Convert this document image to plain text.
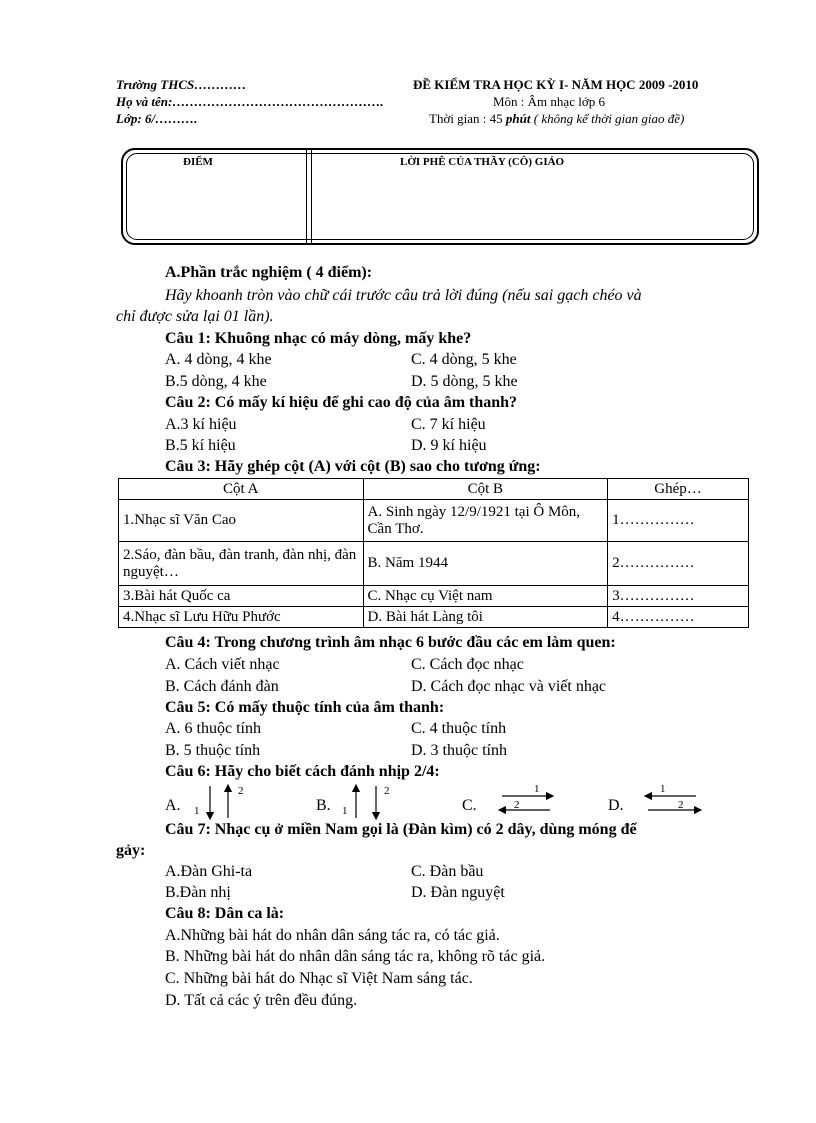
Trường THCS…………
Họ và tên:………………………………………….
Lớp: 6/……….
ĐỀ KIỂM TRA HỌC KỲ I- NĂM HỌC 2009 -2010
Môn : Âm nhạc lớp 6
Thời gian : 45 phút ( không kể thời gian giao đề)
ĐIỂM	LỜI PHÊ CỦA THẦY (CÔ) GIÁO
A.Phần trắc nghiệm ( 4 điểm):
Hãy khoanh tròn vào chữ cái trước câu trả lời đúng (nếu sai gạch chéo và
chỉ được sửa lại 01 lần).
Câu 1: Khuông nhạc có máy dòng, mấy khe?
A. 4 dòng, 4 khe	C. 4 dòng, 5 khe
B.5 dòng, 4 khe	D. 5 dòng, 5 khe
Câu 2: Có mấy kí hiệu để ghi cao độ của âm thanh?
A.3 kí hiệu	C. 7 kí hiệu
B.5 kí hiệu	D. 9 kí hiệu
Câu 3: Hãy ghép cột (A) với cột (B) sao cho tương ứng:
Cột A	Cột B	Ghép…
1.Nhạc sĩ Văn Cao	A. Sinh ngày 12/9/1921 tại Ô Môn, Cần Thơ.	1……………
2.Sáo, đàn bầu, đàn tranh, đàn nhị, đàn nguyệt…	B. Năm 1944	2……………
3.Bài hát Quốc ca	C. Nhạc cụ Việt nam	3……………
4.Nhạc sĩ Lưu Hữu Phước	D. Bài hát Làng tôi	4……………
Câu 4: Trong chương trình âm nhạc 6 bước đầu các em làm quen:
A. Cách viết nhạc	C. Cách đọc nhạc
B. Cách đánh đàn	D. Cách đọc nhạc và viết nhạc
Câu 5: Có mấy thuộc tính của âm thanh:
A. 6 thuộc tính	C. 4 thuộc tính
B. 5 thuộc tính	D. 3 thuộc tính
Câu 6: Hãy cho biết cách đánh nhịp 2/4:
A.	B.	C.	D.
1
2
1
2	1
2
1
2
Câu 7: Nhạc cụ ở miền Nam gọi là (Đàn kìm) có 2 dây, dùng móng để
gảy:
A.Đàn Ghi-ta	C. Đàn bầu
B.Đàn nhị	D. Đàn nguyệt
Câu 8: Dân ca là:
A.Những bài hát do nhân dân sáng tác ra, có tác giả.
B. Những bài hát do nhân dân sáng tác ra, không rõ tác giả.
C. Những bài hát do Nhạc sĩ Việt Nam sáng tác.
D. Tất cả các ý trên đều đúng.
